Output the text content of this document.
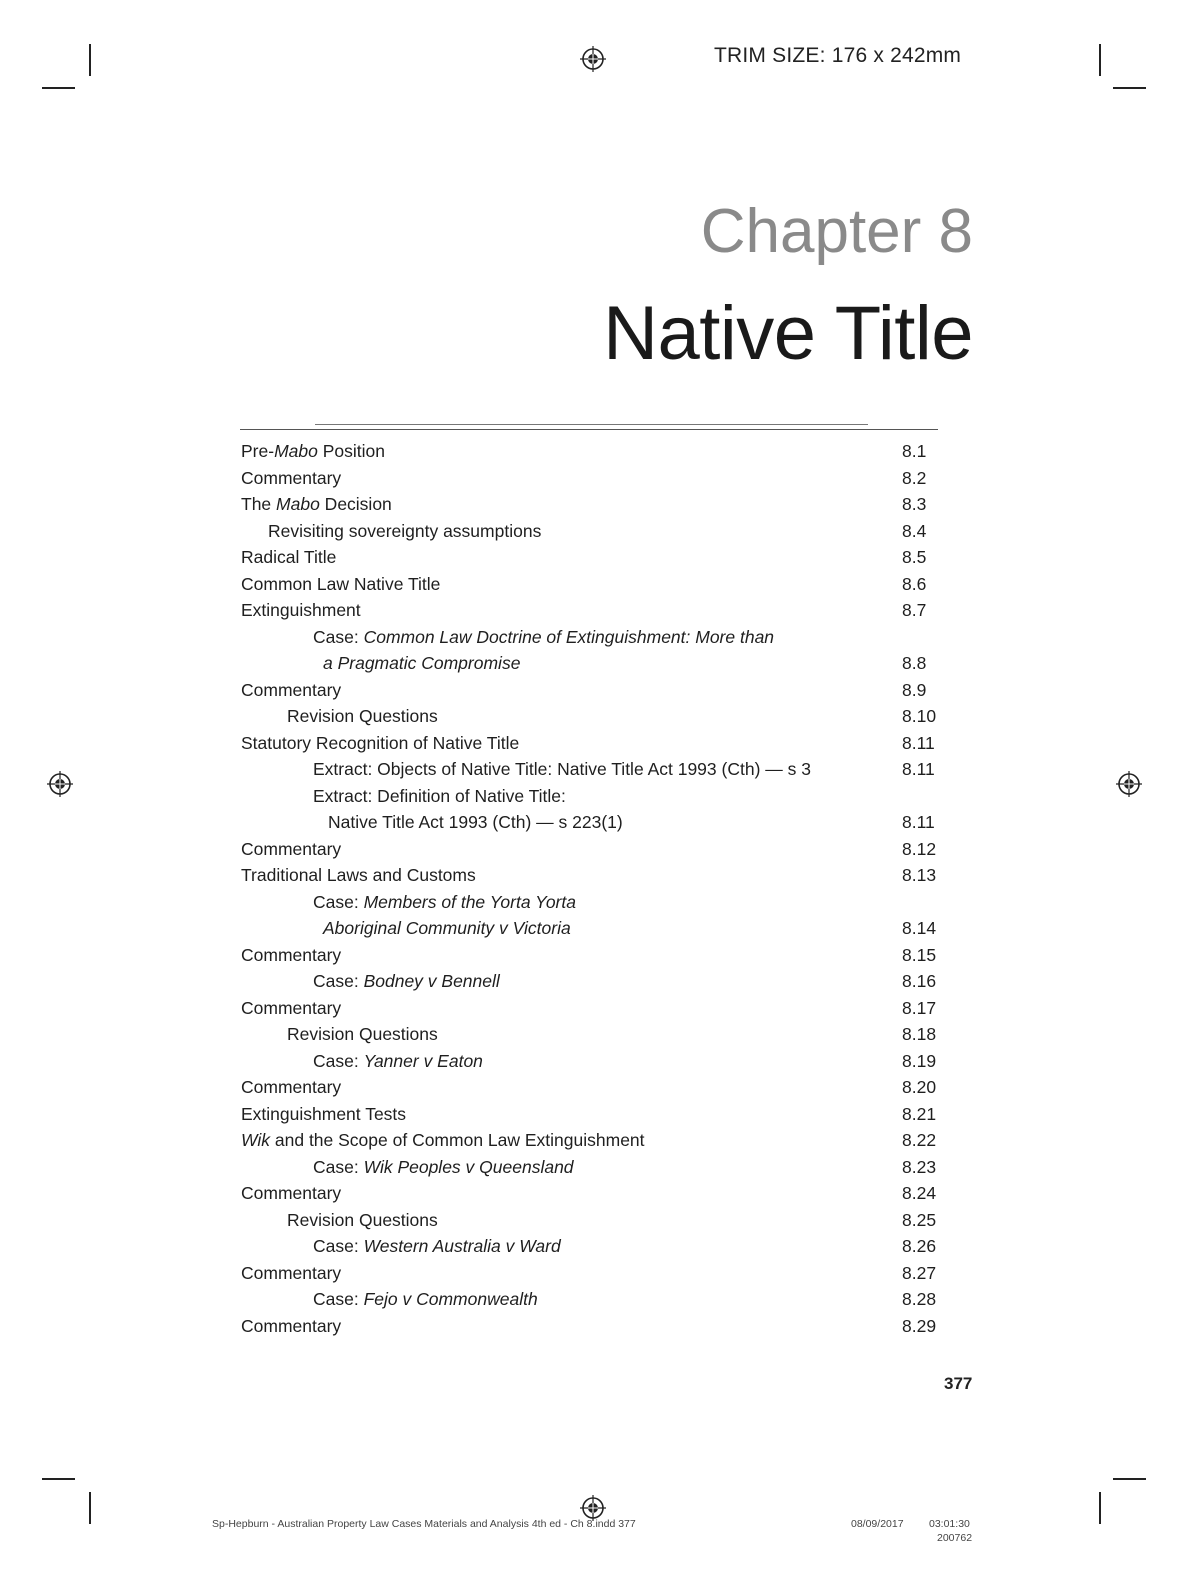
TRIM SIZE: 176 x 242mm
Chapter 8
Native Title
Pre-Mabo Position	8.1
Commentary	8.2
The Mabo Decision	8.3
Revisiting sovereignty assumptions	8.4
Radical Title	8.5
Common Law Native Title	8.6
Extinguishment	8.7
Case: Common Law Doctrine of Extinguishment: More than
a Pragmatic Compromise	8.8
Commentary	8.9
Revision Questions	8.10
Statutory Recognition of Native Title	8.11
Extract: Objects of Native Title: Native Title Act 1993 (Cth) — s 3	8.11
Extract: Definition of Native Title:
Native Title Act 1993 (Cth) — s 223(1)	8.11
Commentary	8.12
Traditional Laws and Customs	8.13
Case: Members of the Yorta Yorta
Aboriginal Community v Victoria	8.14
Commentary	8.15
Case: Bodney v Bennell	8.16
Commentary	8.17
Revision Questions	8.18
Case: Yanner v Eaton	8.19
Commentary	8.20
Extinguishment Tests	8.21
Wik and the Scope of Common Law Extinguishment	8.22
Case: Wik Peoples v Queensland	8.23
Commentary	8.24
Revision Questions	8.25
Case: Western Australia v Ward	8.26
Commentary	8.27
Case: Fejo v Commonwealth	8.28
Commentary	8.29
377
Sp-Hepburn - Australian Property Law Cases Materials and Analysis 4th ed - Ch 8.indd 377	08/09/2017 03:01:30
200762
